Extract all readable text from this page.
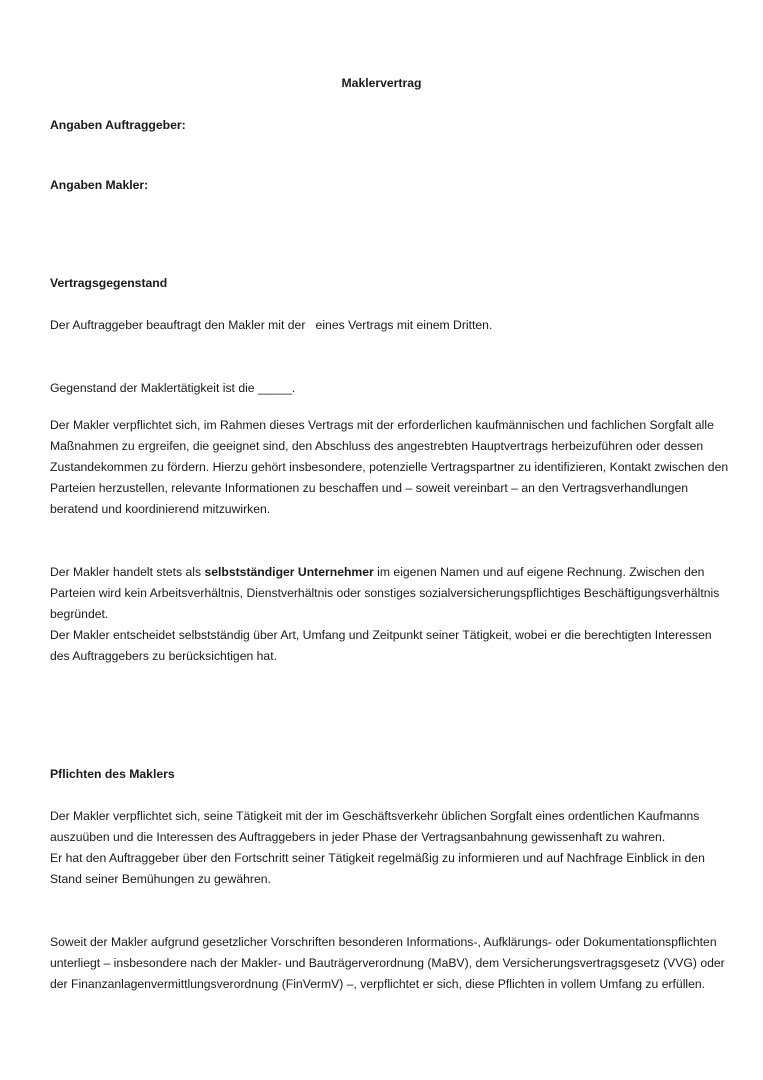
Maklervertrag

Angaben Auftraggeber:

Angaben Makler:

Vertragsgegenstand

Der Auftraggeber beauftragt den Makler mit der   eines Vertrags mit einem Dritten.

Gegenstand der Maklertätigkeit ist die _____.

Der Makler verpflichtet sich, im Rahmen dieses Vertrags mit der erforderlichen kaufmännischen und fachlichen Sorgfalt alle Maßnahmen zu ergreifen, die geeignet sind, den Abschluss des angestrebten Hauptvertrags herbeizuführen oder dessen Zustandekommen zu fördern. Hierzu gehört insbesondere, potenzielle Vertragspartner zu identifizieren, Kontakt zwischen den Parteien herzustellen, relevante Informationen zu beschaffen und – soweit vereinbart – an den Vertragsverhandlungen beratend und koordinierend mitzuwirken.

Der Makler handelt stets als selbstständiger Unternehmer im eigenen Namen und auf eigene Rechnung. Zwischen den Parteien wird kein Arbeitsverhältnis, Dienstverhältnis oder sonstiges sozialversicherungspflichtiges Beschäftigungsverhältnis begründet.
Der Makler entscheidet selbstständig über Art, Umfang und Zeitpunkt seiner Tätigkeit, wobei er die berechtigten Interessen des Auftraggebers zu berücksichtigen hat.

Pflichten des Maklers

Der Makler verpflichtet sich, seine Tätigkeit mit der im Geschäftsverkehr üblichen Sorgfalt eines ordentlichen Kaufmanns auszuüben und die Interessen des Auftraggebers in jeder Phase der Vertragsanbahnung gewissenhaft zu wahren.
Er hat den Auftraggeber über den Fortschritt seiner Tätigkeit regelmäßig zu informieren und auf Nachfrage Einblick in den Stand seiner Bemühungen zu gewähren.

Soweit der Makler aufgrund gesetzlicher Vorschriften besonderen Informations-, Aufklärungs- oder Dokumentationspflichten unterliegt – insbesondere nach der Makler- und Bauträgerverordnung (MaBV), dem Versicherungsvertragsgesetz (VVG) oder der Finanzanlagenvermittlungsverordnung (FinVermV) –, verpflichtet er sich, diese Pflichten in vollem Umfang zu erfüllen.
